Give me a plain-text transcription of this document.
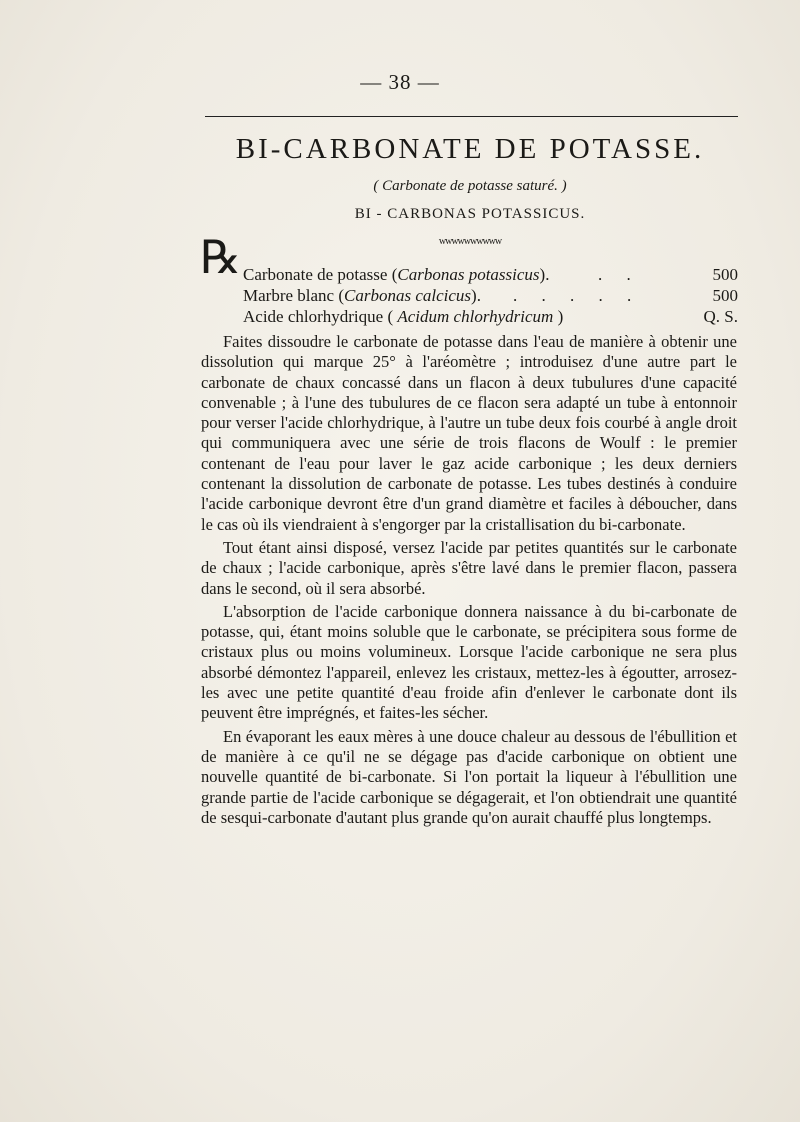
— 38 —
BI-CARBONATE DE POTASSE.
( Carbonate de potasse saturé. )
BI - CARBONAS POTASSICUS.
wwwwwwwwww
℞ Carbonate de potasse (Carbonas potassicus).	. .	500
Marbre blanc (Carbonas calcicus). . . . . .	500
Acide chlorhydrique ( Acidum chlorhydricum )	Q. S.

Faites dissoudre le carbonate de potasse dans l'eau de manière à obtenir une dissolution qui marque 25° à l'aréomètre ; introduisez d'une autre part le carbonate de chaux concassé dans un flacon à deux tubulures d'une capacité convenable ; à l'une des tubulures de ce flacon sera adapté un tube à entonnoir pour verser l'acide chlorhydrique, à l'autre un tube deux fois courbé à angle droit qui communiquera avec une série de trois flacons de Woulf : le premier contenant de l'eau pour laver le gaz acide carbonique ; les deux derniers contenant la dissolution de carbonate de potasse. Les tubes destinés à conduire l'acide carbonique devront être d'un grand diamètre et faciles à déboucher, dans le cas où ils viendraient à s'engorger par la cristallisation du bi-carbonate.

Tout étant ainsi disposé, versez l'acide par petites quantités sur le carbonate de chaux ; l'acide carbonique, après s'être lavé dans le premier flacon, passera dans le second, où il sera absorbé.

L'absorption de l'acide carbonique donnera naissance à du bi-carbonate de potasse, qui, étant moins soluble que le carbonate, se précipitera sous forme de cristaux plus ou moins volumineux. Lorsque l'acide carbonique ne sera plus absorbé démontez l'appareil, enlevez les cristaux, mettez-les à égoutter, arrosez-les avec une petite quantité d'eau froide afin d'enlever le carbonate dont ils peuvent être imprégnés, et faites-les sécher.

En évaporant les eaux mères à une douce chaleur au dessous de l'ébullition et de manière à ce qu'il ne se dégage pas d'acide carbonique on obtient une nouvelle quantité de bi-carbonate. Si l'on portait la liqueur à l'ébullition une grande partie de l'acide carbonique se dégagerait, et l'on obtiendrait une quantité de sesqui-carbonate d'autant plus grande qu'on aurait chauffé plus longtemps.
